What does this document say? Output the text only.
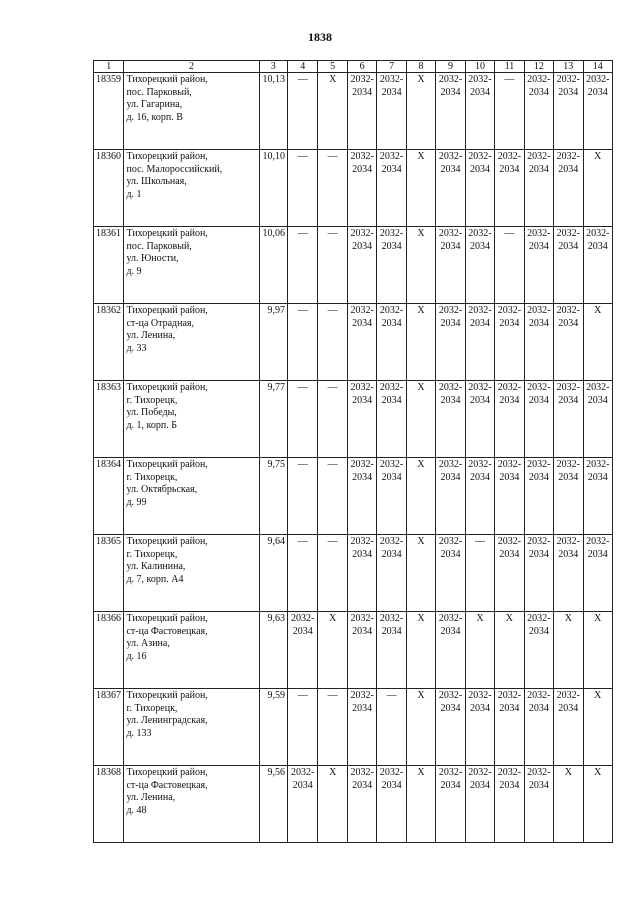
1838
1	2	3	4	5	6	7	8	9	10	11	12	13	14
18359	Тихорецкий район,
пос. Парковый,
ул. Гагарина,
д. 16, корп. В	10,13	—	X	2032-
2034	2032-
2034	X	2032-
2034	2032-
2034	—	2032-
2034	2032-
2034	2032-
2034
18360	Тихорецкий район,
пос. Малороссийский,
ул. Школьная,
д. 1	10,10	—	—	2032-
2034	2032-
2034	X	2032-
2034	2032-
2034	2032-
2034	2032-
2034	2032-
2034	X
18361	Тихорецкий район,
пос. Парковый,
ул. Юности,
д. 9	10,06	—	—	2032-
2034	2032-
2034	X	2032-
2034	2032-
2034	—	2032-
2034	2032-
2034	2032-
2034
18362	Тихорецкий район,
ст-ца Отрадная,
ул. Ленина,
д. 33	9,97	—	—	2032-
2034	2032-
2034	X	2032-
2034	2032-
2034	2032-
2034	2032-
2034	2032-
2034	X
18363	Тихорецкий район,
г. Тихорецк,
ул. Победы,
д. 1, корп. Б	9,77	—	—	2032-
2034	2032-
2034	X	2032-
2034	2032-
2034	2032-
2034	2032-
2034	2032-
2034	2032-
2034
18364	Тихорецкий район,
г. Тихорецк,
ул. Октябрьская,
д. 99	9,75	—	—	2032-
2034	2032-
2034	X	2032-
2034	2032-
2034	2032-
2034	2032-
2034	2032-
2034	2032-
2034
18365	Тихорецкий район,
г. Тихорецк,
ул. Калинина,
д. 7, корп. А4	9,64	—	—	2032-
2034	2032-
2034	X	2032-
2034	—	2032-
2034	2032-
2034	2032-
2034	2032-
2034
18366	Тихорецкий район,
ст-ца Фастовецкая,
ул. Азина,
д. 16	9,63	2032-
2034	X	2032-
2034	2032-
2034	X	2032-
2034	X	X	2032-
2034	X	X
18367	Тихорецкий район,
г. Тихорецк,
ул. Ленинградская,
д. 133	9,59	—	—	2032-
2034	—	X	2032-
2034	2032-
2034	2032-
2034	2032-
2034	2032-
2034	X
18368	Тихорецкий район,
ст-ца Фастовецкая,
ул. Ленина,
д. 48	9,56	2032-
2034	X	2032-
2034	2032-
2034	X	2032-
2034	2032-
2034	2032-
2034	2032-
2034	X	X
